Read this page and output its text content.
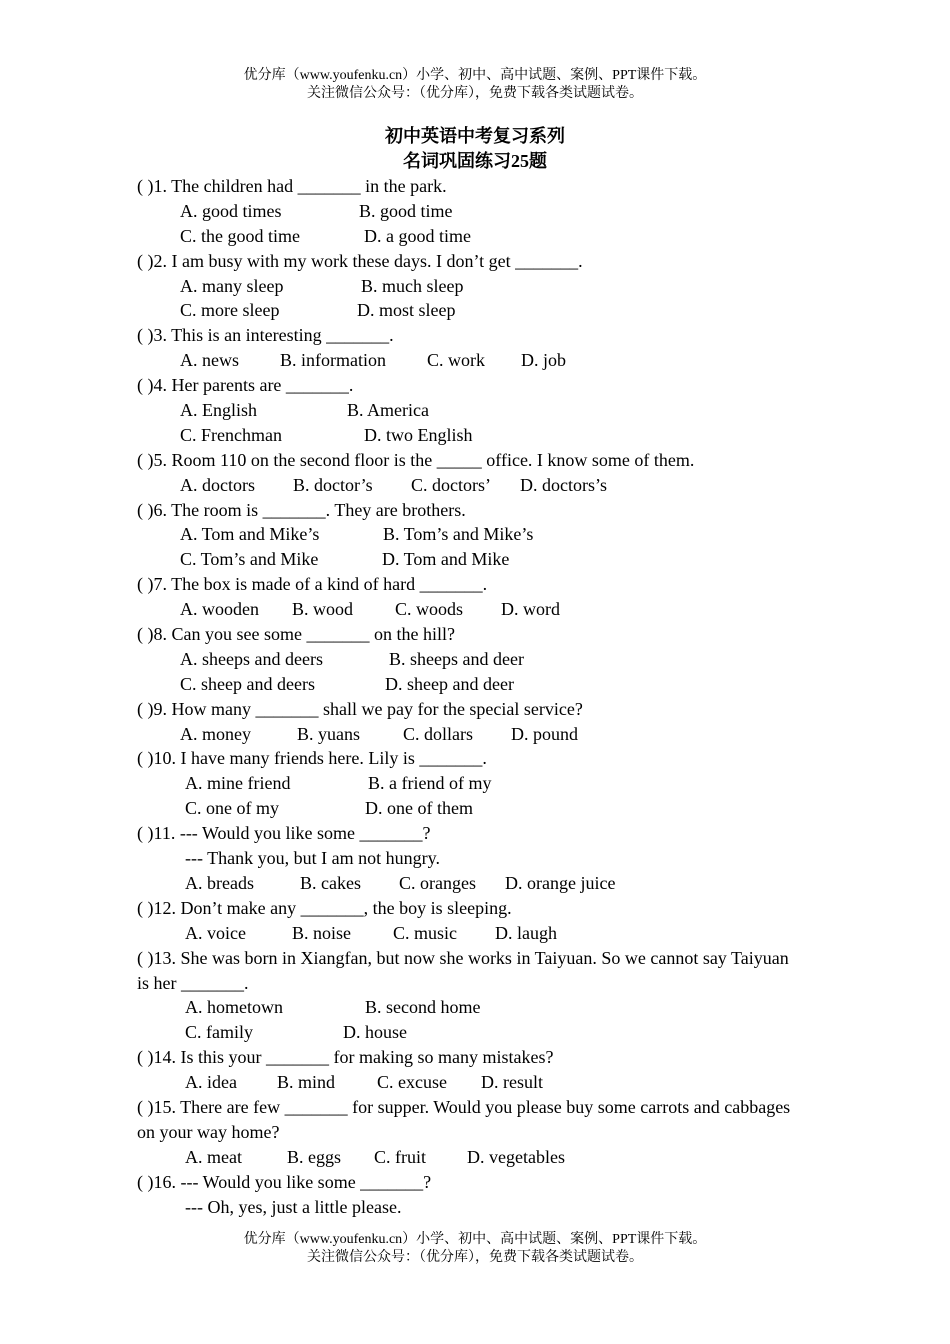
优分库（www.youfenku.cn）小学、初中、高中试题、案例、PPT课件下载。
关注微信公众号：（优分库），免费下载各类试题试卷。
初中英语中考复习系列
名词巩固练习25题
( )1. The children had _______ in the park.
A. good times	B. good time
C. the good time	D. a good time
( )2. I am busy with my work these days. I don’t get _______.
A. many sleep	B. much sleep
C. more sleep	D. most sleep
( )3. This is an interesting _______.
A. news B. information C. work D. job
( )4. Her parents are _______.
A. English	B. America
C. Frenchman	D. two English
( )5. Room 110 on the second floor is the _____ office. I know some of them.
A. doctors B. doctor’s C. doctors’ D. doctors’s
( )6. The room is _______. They are brothers.
A. Tom and Mike’s	B. Tom’s and Mike’s
C. Tom’s and Mike	D. Tom and Mike
( )7. The box is made of a kind of hard _______.
A. wooden B. wood C. woods D. word
( )8. Can you see some _______ on the hill?
A. sheeps and deers	B. sheeps and deer
C. sheep and deers	D. sheep and deer
( )9. How many _______ shall we pay for the special service?
A. money	B. yuans C. dollars D. pound
( )10. I have many friends here. Lily is _______.
A. mine friend	B. a friend of my
C. one of my	D. one of them
( )11. --- Would you like some _______?
--- Thank you, but I am not hungry.
A. breads	B. cakes C. oranges D. orange juice
( )12. Don’t make any _______, the boy is sleeping.
A. voice	B. noise C. music D. laugh
( )13. She was born in Xiangfan, but now she works in Taiyuan. So we cannot say Taiyuan is her _______.
A. hometown	B. second home
C. family	D. house
( )14. Is this your _______ for making so many mistakes?
A. idea B. mind C. excuse D. result
( )15. There are few _______ for supper. Would you please buy some carrots and cabbages on your way home?
A. meat	B. eggs C. fruit D. vegetables
( )16. --- Would you like some _______?
--- Oh, yes, just a little please.
优分库（www.youfenku.cn）小学、初中、高中试题、案例、PPT课件下载。
关注微信公众号：（优分库），免费下载各类试题试卷。
